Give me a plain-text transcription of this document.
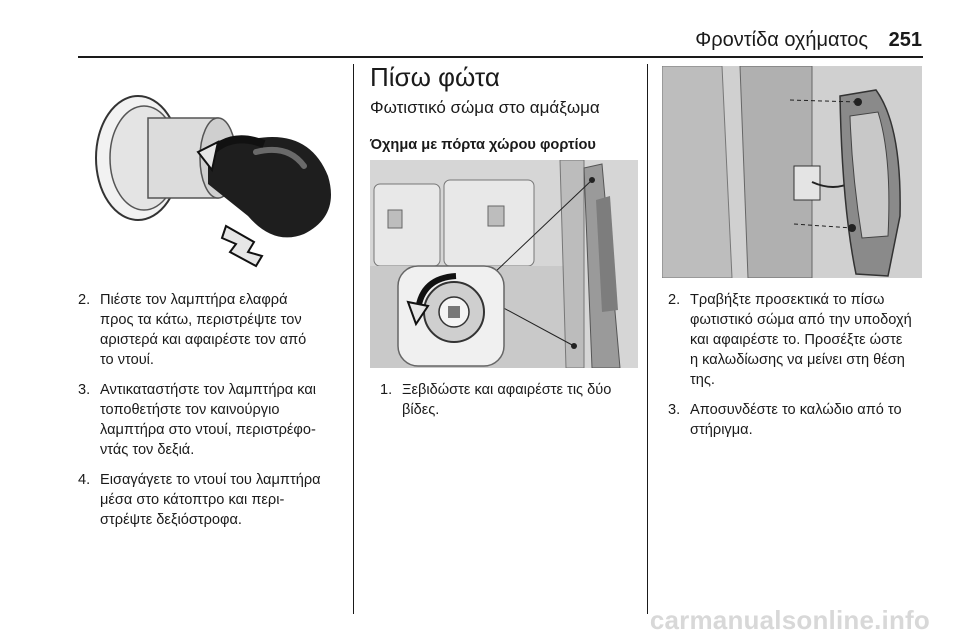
Φροντίδα οχήματος 251
2. Πιέστε τον λαμπτήρα ελαφρά
προς τα κάτω, περιστρέψτε τον
αριστερά και αφαιρέστε τον από
το ντουί.
3. Αντικαταστήστε τον λαμπτήρα και
τοποθετήστε τον καινούργιο
λαμπτήρα στο ντουί, περιστρέφο-
ντάς τον δεξιά.
4. Εισαγάγετε το ντουί του λαμπτήρα
μέσα στο κάτοπτρο και περι-
στρέψτε δεξιόστροφα.
Πίσω φώτα
Φωτιστικό σώμα στο αμάξωμα
Όχημα με πόρτα χώρου φορτίου
1. Ξεβιδώστε και αφαιρέστε τις δύο
βίδες.
2. Τραβήξτε προσεκτικά το πίσω
φωτιστικό σώμα από την υποδοχή
και αφαιρέστε το. Προσέξτε ώστε
η καλωδίωσης να μείνει στη θέση
της.
3. Αποσυνδέστε το καλώδιο από το
στήριγμα.
carmanualsonline.info
